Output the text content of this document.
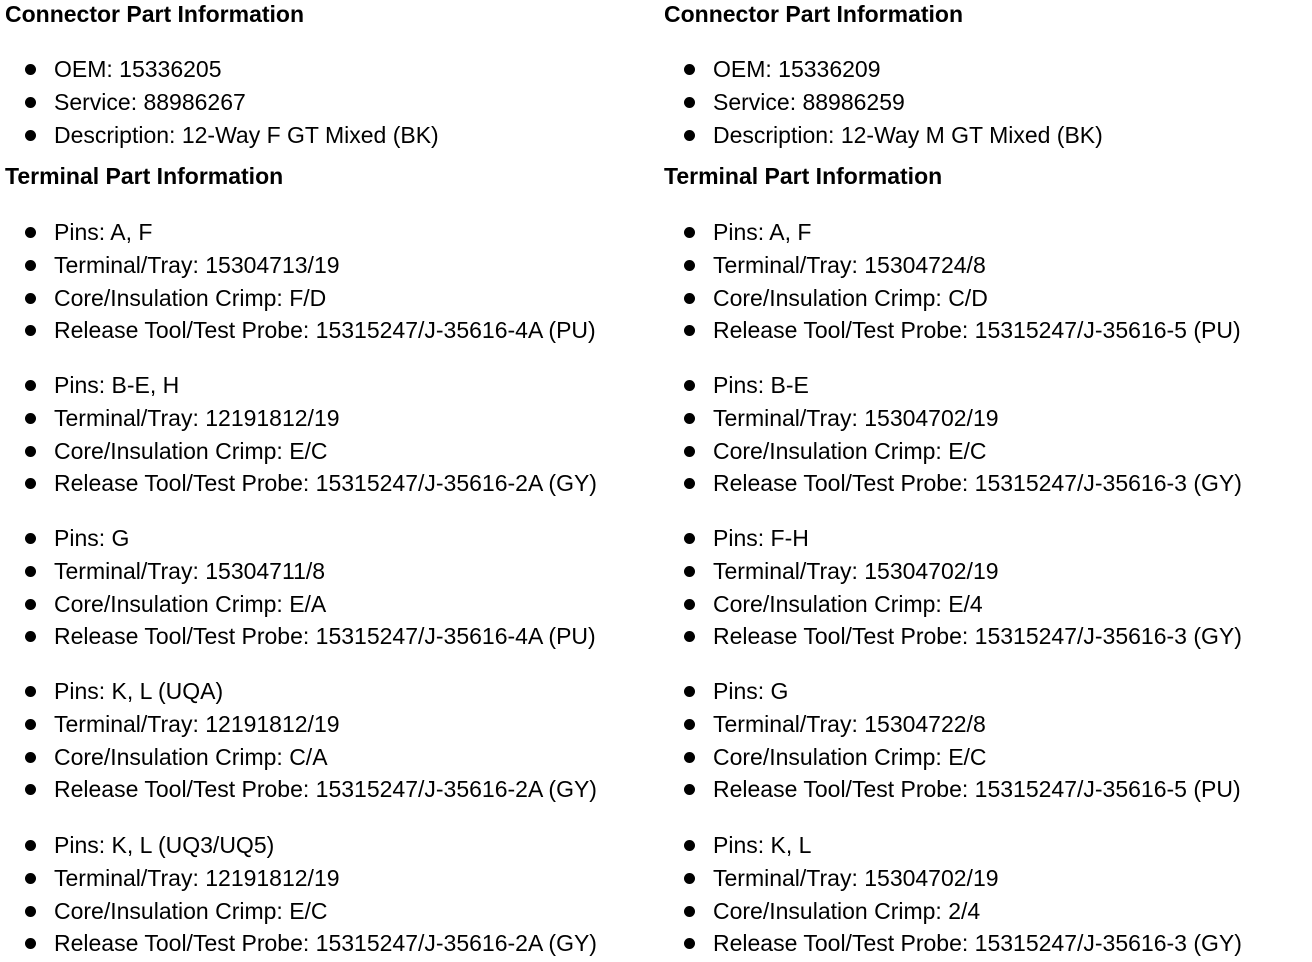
Connector Part Information
OEM: 15336205
Service: 88986267
Description: 12-Way F GT Mixed (BK)
Terminal Part Information
Pins: A, F
Terminal/Tray: 15304713/19
Core/Insulation Crimp: F/D
Release Tool/Test Probe: 15315247/J-35616-4A (PU)
Pins: B-E, H
Terminal/Tray: 12191812/19
Core/Insulation Crimp: E/C
Release Tool/Test Probe: 15315247/J-35616-2A (GY)
Pins: G
Terminal/Tray: 15304711/8
Core/Insulation Crimp: E/A
Release Tool/Test Probe: 15315247/J-35616-4A (PU)
Pins: K, L (UQA)
Terminal/Tray: 12191812/19
Core/Insulation Crimp: C/A
Release Tool/Test Probe: 15315247/J-35616-2A (GY)
Pins: K, L (UQ3/UQ5)
Terminal/Tray: 12191812/19
Core/Insulation Crimp: E/C
Release Tool/Test Probe: 15315247/J-35616-2A (GY)
Connector Part Information
OEM: 15336209
Service: 88986259
Description: 12-Way M GT Mixed (BK)
Terminal Part Information
Pins: A, F
Terminal/Tray: 15304724/8
Core/Insulation Crimp: C/D
Release Tool/Test Probe: 15315247/J-35616-5 (PU)
Pins: B-E
Terminal/Tray: 15304702/19
Core/Insulation Crimp: E/C
Release Tool/Test Probe: 15315247/J-35616-3 (GY)
Pins: F-H
Terminal/Tray: 15304702/19
Core/Insulation Crimp: E/4
Release Tool/Test Probe: 15315247/J-35616-3 (GY)
Pins: G
Terminal/Tray: 15304722/8
Core/Insulation Crimp: E/C
Release Tool/Test Probe: 15315247/J-35616-5 (PU)
Pins: K, L
Terminal/Tray: 15304702/19
Core/Insulation Crimp: 2/4
Release Tool/Test Probe: 15315247/J-35616-3 (GY)
